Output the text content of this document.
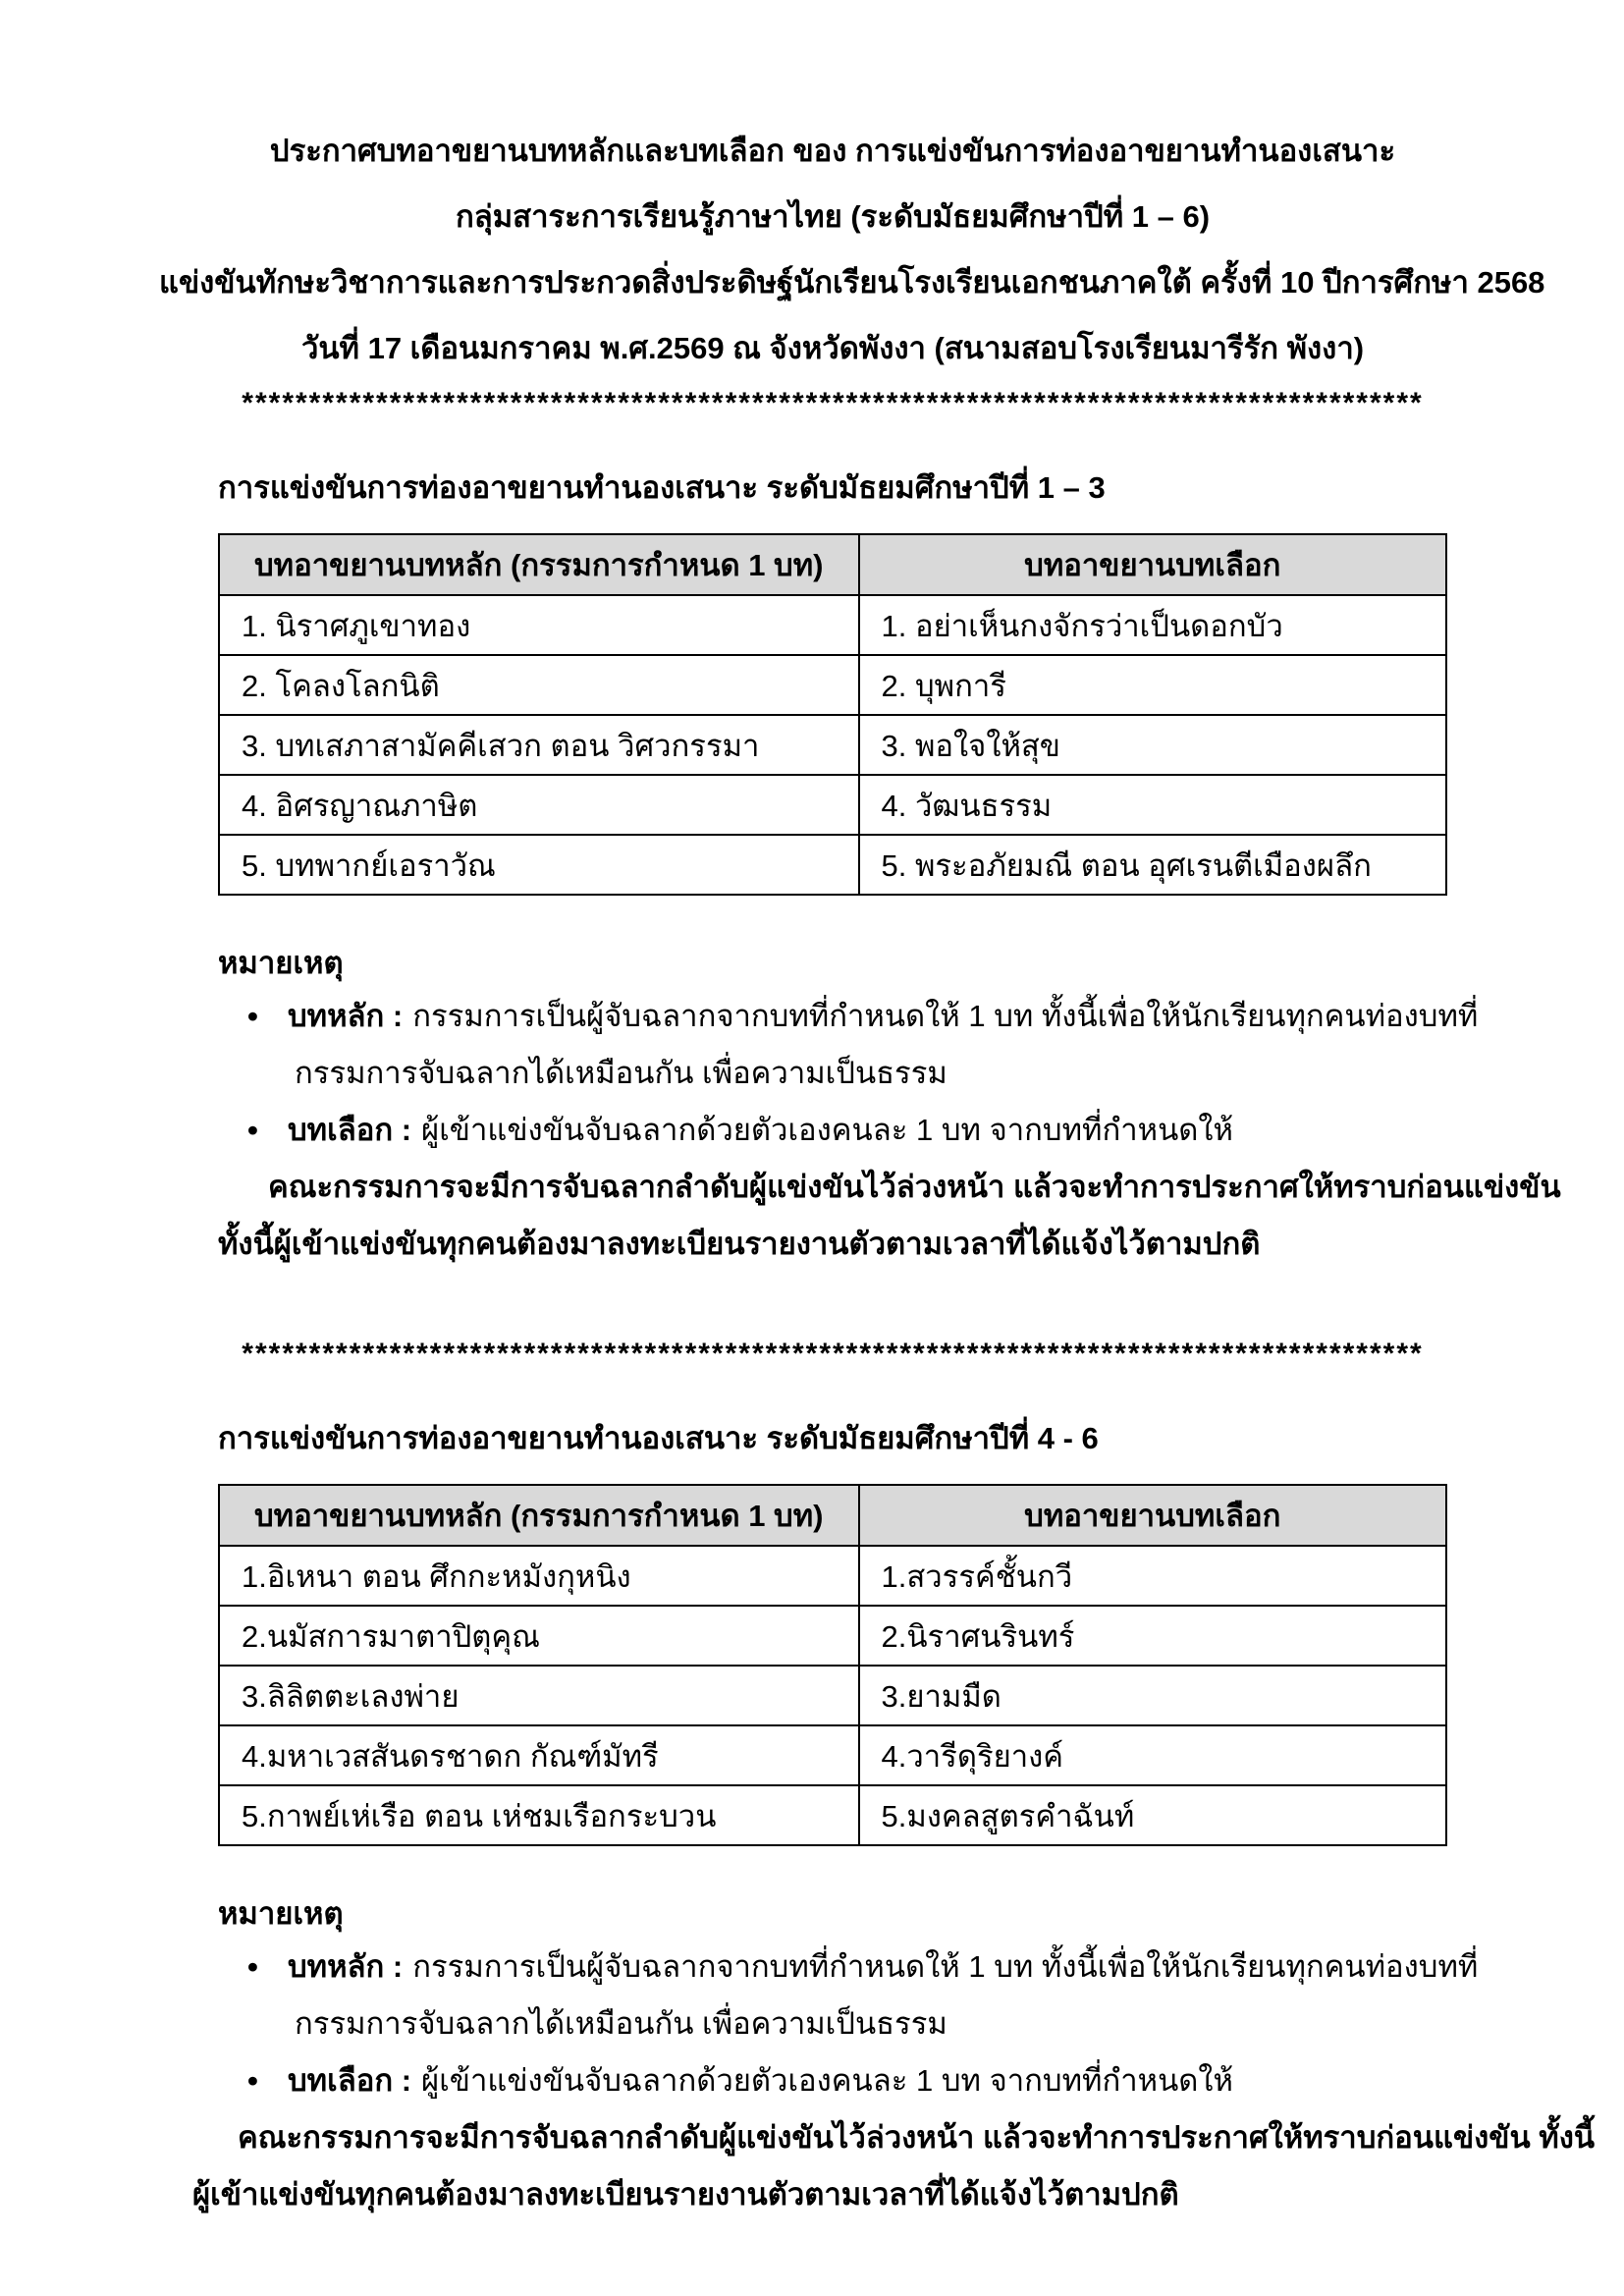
ประกาศบทอาขยานบทหลักและบทเลือก ของ การแข่งขันการท่องอาขยานทำนองเสนาะ
กลุ่มสาระการเรียนรู้ภาษาไทย (ระดับมัธยมศึกษาปีที่ 1 – 6)
แข่งขันทักษะวิชาการและการประกวดสิ่งประดิษฐ์นักเรียนโรงเรียนเอกชนภาคใต้ ครั้งที่ 10 ปีการศึกษา 2568
วันที่ 17 เดือนมกราคม พ.ศ.2569 ณ จังหวัดพังงา (สนามสอบโรงเรียนมารีรัก พังงา)
****************************************************************************************
การแข่งขันการท่องอาขยานทำนองเสนาะ ระดับมัธยมศึกษาปีที่ 1 – 3
บทอาขยานบทหลัก (กรรมการกำหนด 1 บท)	บทอาขยานบทเลือก
1. นิราศภูเขาทอง	1. อย่าเห็นกงจักรว่าเป็นดอกบัว
2. โคลงโลกนิติ	2. บุพการี
3. บทเสภาสามัคคีเสวก ตอน วิศวกรรมา	3. พอใจให้สุข
4. อิศรญาณภาษิต	4. วัฒนธรรม
5. บทพากย์เอราวัณ	5. พระอภัยมณี ตอน อุศเรนตีเมืองผลึก
หมายเหตุ
• บทหลัก : กรรมการเป็นผู้จับฉลากจากบทที่กำหนดให้ 1 บท ทั้งนี้เพื่อให้นักเรียนทุกคนท่องบทที่
กรรมการจับฉลากได้เหมือนกัน เพื่อความเป็นธรรม
• บทเลือก : ผู้เข้าแข่งขันจับฉลากด้วยตัวเองคนละ 1 บท จากบทที่กำหนดให้
คณะกรรมการจะมีการจับฉลากลำดับผู้แข่งขันไว้ล่วงหน้า แล้วจะทำการประกาศให้ทราบก่อนแข่งขัน
ทั้งนี้ผู้เข้าแข่งขันทุกคนต้องมาลงทะเบียนรายงานตัวตามเวลาที่ได้แจ้งไว้ตามปกติ
****************************************************************************************
การแข่งขันการท่องอาขยานทำนองเสนาะ ระดับมัธยมศึกษาปีที่ 4 - 6
บทอาขยานบทหลัก (กรรมการกำหนด 1 บท)	บทอาขยานบทเลือก
1.อิเหนา ตอน ศึกกะหมังกุหนิง	1.สวรรค์ชั้นกวี
2.นมัสการมาตาปิตุคุณ	2.นิราศนรินทร์
3.ลิลิตตะเลงพ่าย	3.ยามมืด
4.มหาเวสสันดรชาดก กัณฑ์มัทรี	4.วารีดุริยางค์
5.กาพย์เห่เรือ ตอน เห่ชมเรือกระบวน	5.มงคลสูตรคำฉันท์
หมายเหตุ
• บทหลัก : กรรมการเป็นผู้จับฉลากจากบทที่กำหนดให้ 1 บท ทั้งนี้เพื่อให้นักเรียนทุกคนท่องบทที่
กรรมการจับฉลากได้เหมือนกัน เพื่อความเป็นธรรม
• บทเลือก : ผู้เข้าแข่งขันจับฉลากด้วยตัวเองคนละ 1 บท จากบทที่กำหนดให้
คณะกรรมการจะมีการจับฉลากลำดับผู้แข่งขันไว้ล่วงหน้า แล้วจะทำการประกาศให้ทราบก่อนแข่งขัน ทั้งนี้
ผู้เข้าแข่งขันทุกคนต้องมาลงทะเบียนรายงานตัวตามเวลาที่ได้แจ้งไว้ตามปกติ
